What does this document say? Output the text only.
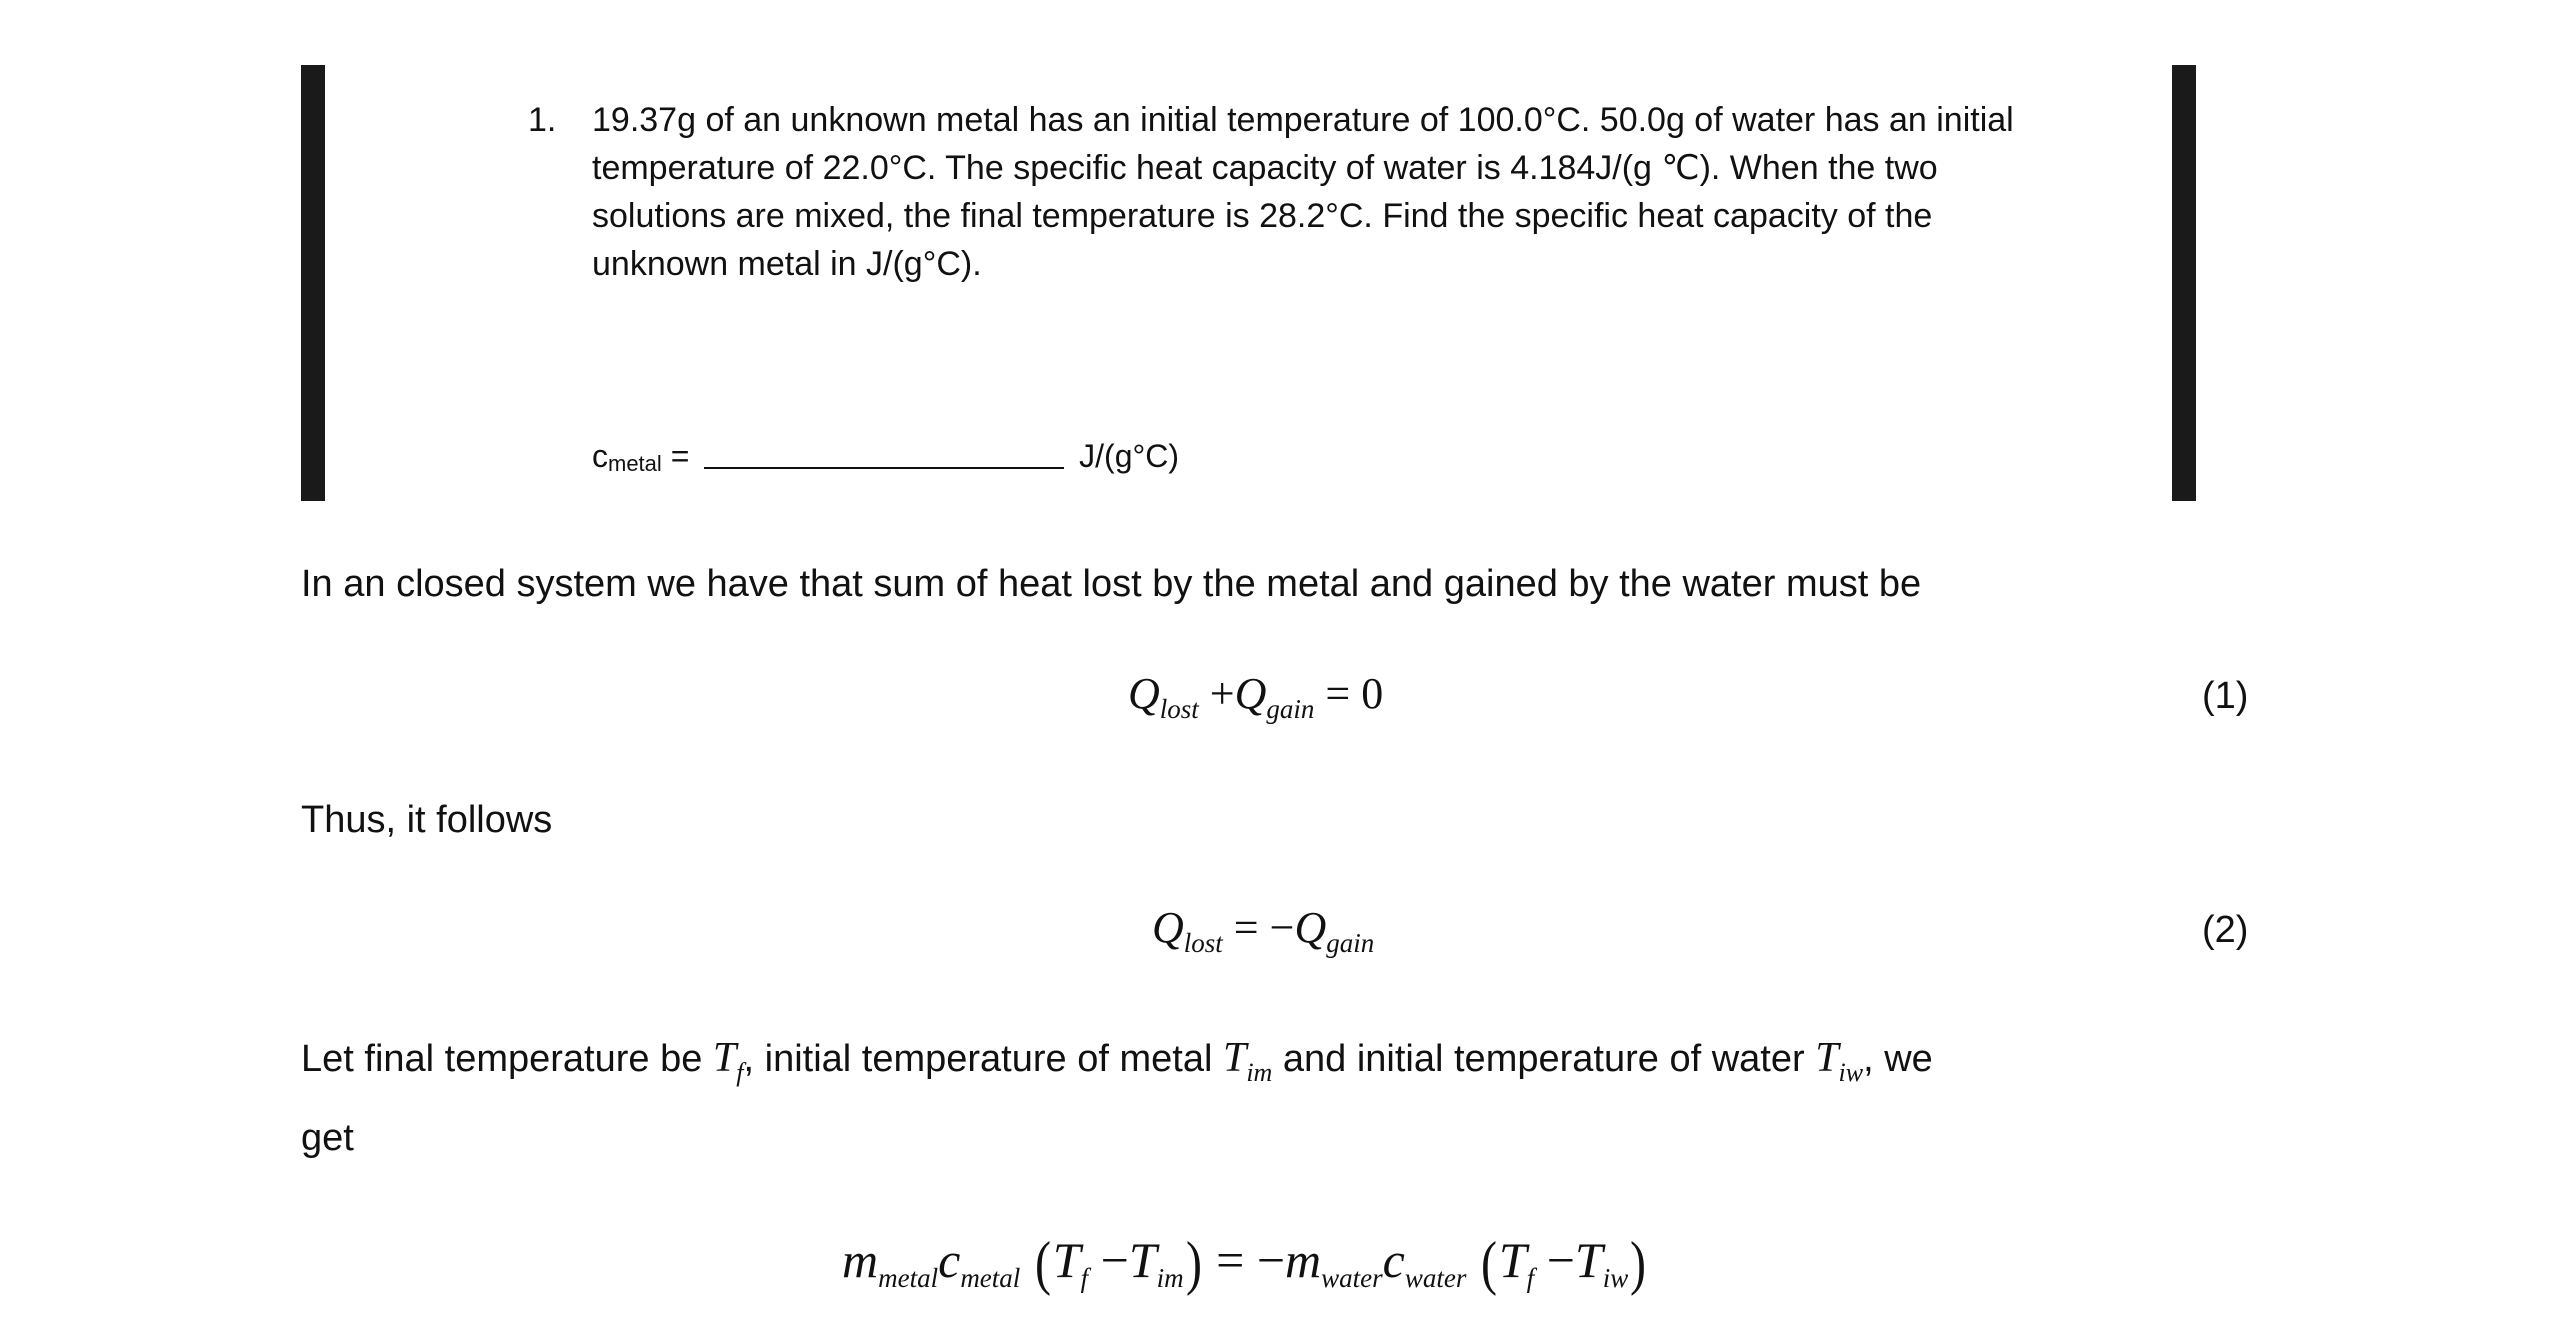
1. 19.37g of an unknown metal has an initial temperature of 100.0°C. 50.0g of water has an initial
temperature of 22.0°C. The specific heat capacity of water is 4.184J/(g ℃). When the two
solutions are mixed, the final temperature is 28.2°C. Find the specific heat capacity of the
unknown metal in J/(g°C).
cmetal =	J/(g°C)
In an closed system we have that sum of heat lost by the metal and gained by the water must be
$Q_{lost} +Q_{gain} = 0$	(1)
Thus, it follows
$Q_{lost} = -Q_{gain}$	(2)
Let final temperature be $T_f$, initial temperature of metal $T_{im}$ and initial temperature of water $T_{iw}$, we
get
$m_{metal}c_{metal}$ $(T_f -T_{im}) = -m_{water}c_{water}$ $(T_f -T_{iw})$
